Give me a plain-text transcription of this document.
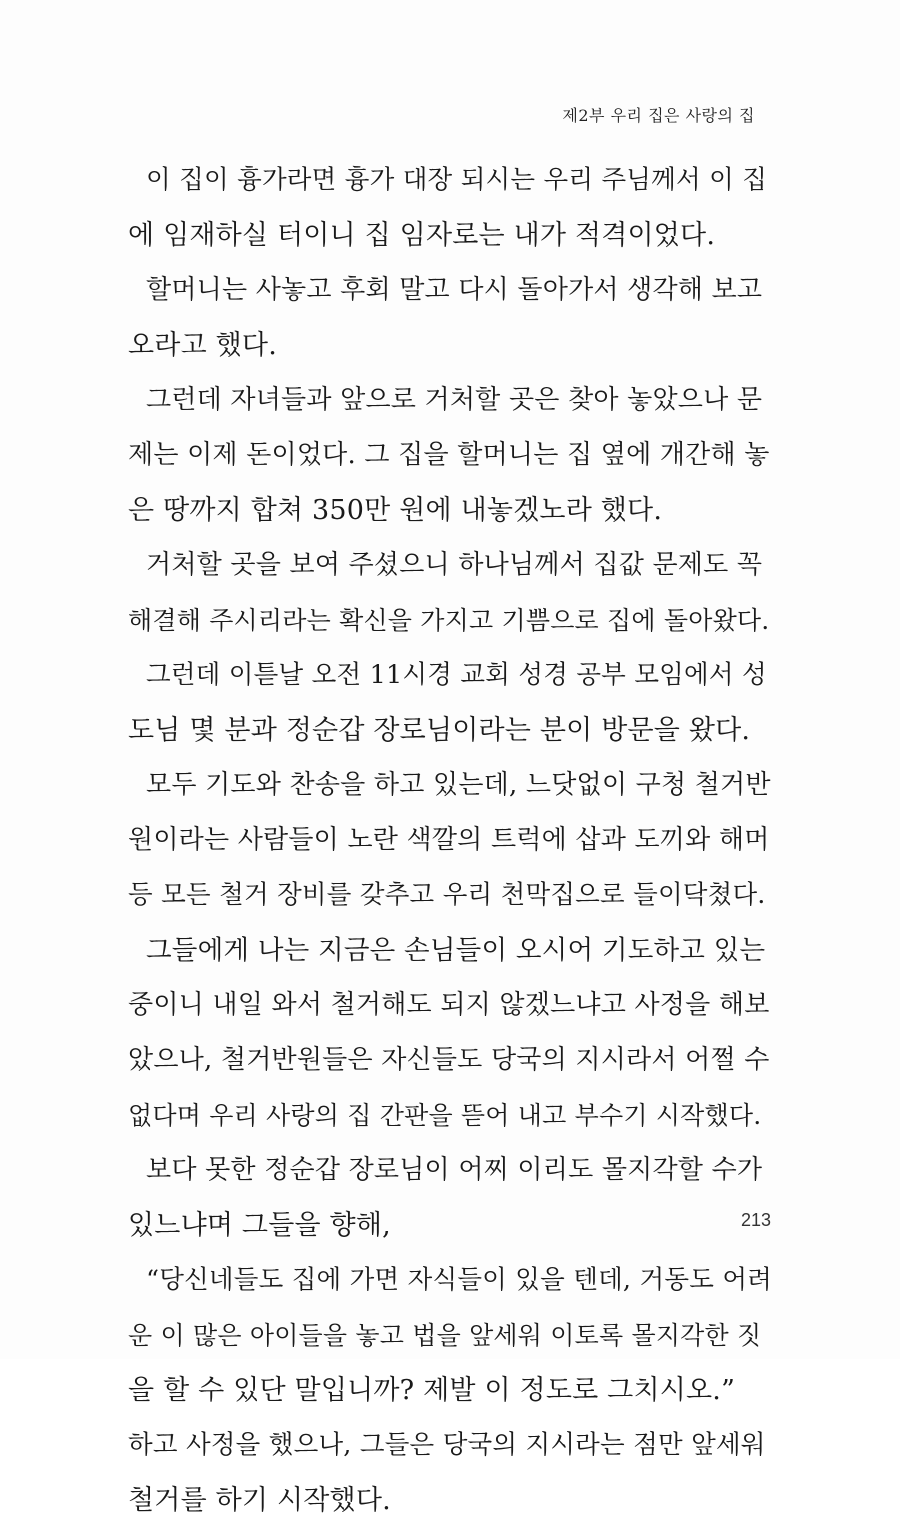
제2부 우리 집은 사랑의 집
이 집이 흉가라면 흉가 대장 되시는 우리 주님께서 이 집
에 임재하실 터이니 집 임자로는 내가 적격이었다.
할머니는 사놓고 후회 말고 다시 돌아가서 생각해 보고
오라고 했다.
그런데 자녀들과 앞으로 거처할 곳은 찾아 놓았으나 문
제는 이제 돈이었다. 그 집을 할머니는 집 옆에 개간해 놓
은 땅까지 합쳐 350만 원에 내놓겠노라 했다.
거처할 곳을 보여 주셨으니 하나님께서 집값 문제도 꼭
해결해 주시리라는 확신을 가지고 기쁨으로 집에 돌아왔다.
그런데 이튿날 오전 11시경 교회 성경 공부 모임에서 성
도님 몇 분과 정순갑 장로님이라는 분이 방문을 왔다.
모두 기도와 찬송을 하고 있는데, 느닷없이 구청 철거반
원이라는 사람들이 노란 색깔의 트럭에 삽과 도끼와 해머
등 모든 철거 장비를 갖추고 우리 천막집으로 들이닥쳤다.
그들에게 나는 지금은 손님들이 오시어 기도하고 있는
중이니 내일 와서 철거해도 되지 않겠느냐고 사정을 해보
았으나, 철거반원들은 자신들도 당국의 지시라서 어쩔 수
없다며 우리 사랑의 집 간판을 뜯어 내고 부수기 시작했다.
보다 못한 정순갑 장로님이 어찌 이리도 몰지각할 수가
있느냐며 그들을 향해,
“당신네들도 집에 가면 자식들이 있을 텐데, 거동도 어려
운 이 많은 아이들을 놓고 법을 앞세워 이토록 몰지각한 짓
을 할 수 있단 말입니까? 제발 이 정도로 그치시오.”
하고 사정을 했으나, 그들은 당국의 지시라는 점만 앞세워
철거를 하기 시작했다.
213
